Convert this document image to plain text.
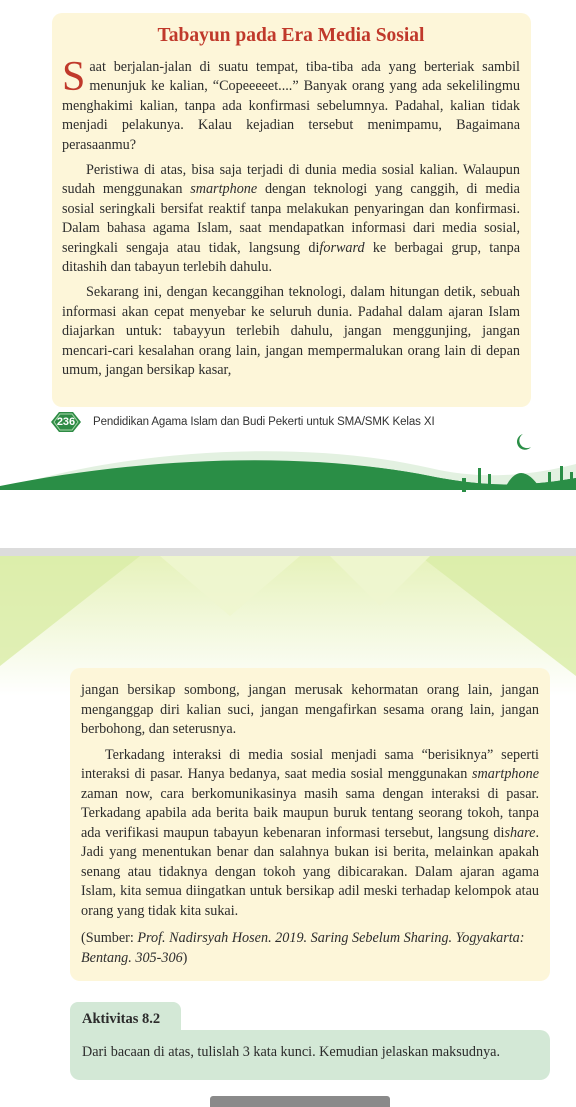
Tabayun pada Era Media Sosial

Saat berjalan-jalan di suatu tempat, tiba-tiba ada yang berteriak sambil menunjuk ke kalian, “Copeeeeet....” Banyak orang yang ada sekelilingmu menghakimi kalian, tanpa ada konfirmasi sebelumnya. Padahal, kalian tidak menjadi pelakunya. Kalau kejadian tersebut menimpamu, Bagaimana perasaanmu?

Peristiwa di atas, bisa saja terjadi di dunia media sosial kalian. Walaupun sudah menggunakan smartphone dengan teknologi yang canggih, di media sosial seringkali bersifat reaktif tanpa melakukan penyaringan dan konfirmasi. Dalam bahasa agama Islam, saat mendapatkan informasi dari media sosial, seringkali sengaja atau tidak, langsung diforward ke berbagai grup, tanpa ditashih dan tabayun terlebih dahulu.

Sekarang ini, dengan kecanggihan teknologi, dalam hitungan detik, sebuah informasi akan cepat menyebar ke seluruh dunia. Padahal dalam ajaran Islam diajarkan untuk: tabayyun terlebih dahulu, jangan menggunjing, jangan mencari-cari kesalahan orang lain, jangan mempermalukan orang lain di depan umum, jangan bersikap kasar,

236	Pendidikan Agama Islam dan Budi Pekerti untuk SMA/SMK Kelas XI

jangan bersikap sombong, jangan merusak kehormatan orang lain, jangan menganggap diri kalian suci, jangan mengafirkan sesama orang lain, jangan berbohong, dan seterusnya.

Terkadang interaksi di media sosial menjadi sama “berisiknya” seperti interaksi di pasar. Hanya bedanya, saat media sosial menggunakan smartphone zaman now, cara berkomunikasinya masih sama dengan interaksi di pasar. Terkadang apabila ada berita baik maupun buruk tentang seorang tokoh, tanpa ada verifikasi maupun tabayun kebenaran informasi tersebut, langsung dishare. Jadi yang menentukan benar dan salahnya bukan isi berita, melainkan apakah senang atau tidaknya dengan tokoh yang dibicarakan. Dalam ajaran agama Islam, kita semua diingatkan untuk bersikap adil meski terhadap kelompok atau orang yang tidak kita sukai.

(Sumber: Prof. Nadirsyah Hosen. 2019. Saring Sebelum Sharing. Yogyakarta: Bentang. 305-306)

Aktivitas 8.2
Dari bacaan di atas, tulislah 3 kata kunci. Kemudian jelaskan maksudnya.
